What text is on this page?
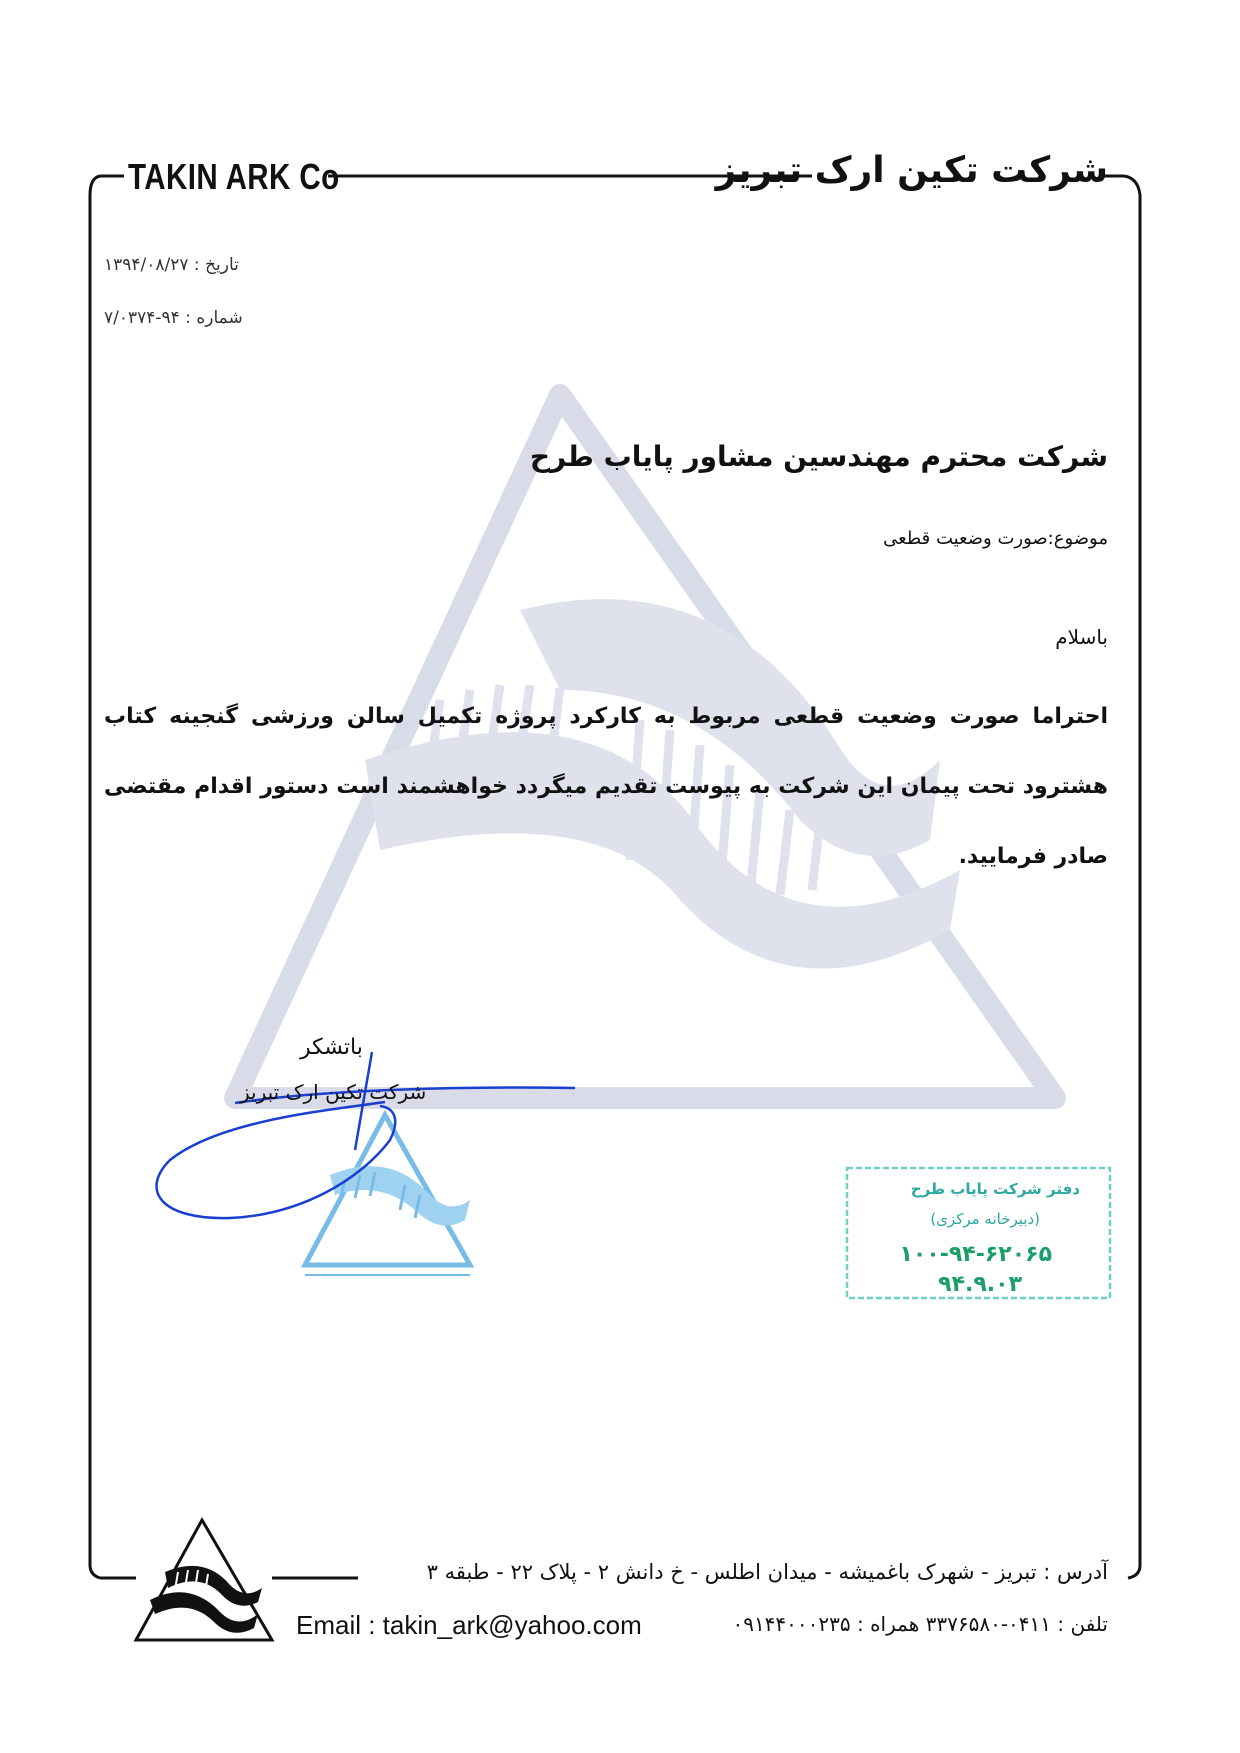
TAKIN ARK Co	شرکت تکین ارک تبریز
تاریخ : ۱۳۹۴/۰۸/۲۷
شماره : ۹۴-۷/۰۳۷۴
شرکت محترم مهندسین مشاور پایاب طرح
موضوع:صورت وضعیت قطعی
باسلام
احتراما صورت وضعیت قطعی مربوط به کارکرد پروژه تکمیل سالن ورزشی گنجینه کتاب هشترود تحت پیمان این شرکت به پیوست تقدیم میگردد خواهشمند است دستور اقدام مقتضی صادر فرمایید.
باتشکر
شرکت تکین ارک تبریز
دفتر شرکت پایاب طرح
(دبیرخانه مرکزی)
۱۰۰-۹۴-۶۲۰۶۵
۹۴.۹.۰۳
آدرس : تبریز - شهرک باغمیشه - میدان اطلس - خ دانش ۲ - پلاک ۲۲ - طبقه ۳
تلفن : ۰۴۱۱-۳۳۷۶۵۸۰ همراه : ۰۹۱۴۴۰۰۰۲۳۵
Email : takin_ark@yahoo.com
